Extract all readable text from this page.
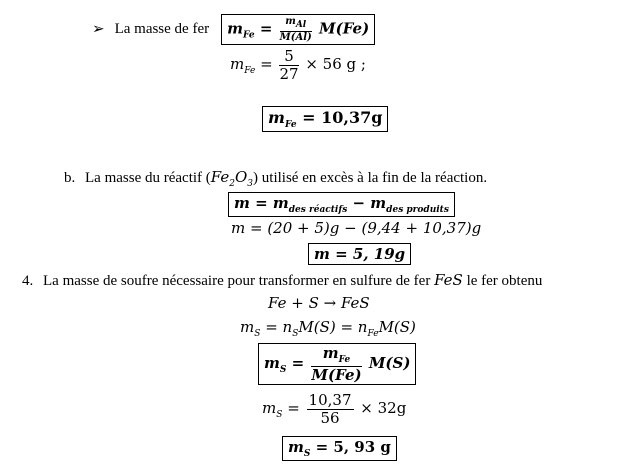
➢ La masse de fer $m_{Fe} = \frac{m_{Al}}{M(Al)} M(Fe)$
$m_{Fe} = \frac{5}{27} \times 56$ g ;
$m_{Fe} = 10,37g$
b. La masse du réactif $(Fe_2O_3)$ utilisé en excès à la fin de la réaction.
$m = m_{des réactifs} - m_{des produits}$
m = (20 + 5)g − (9,44 + 10,37)g
m = 5, 19g
4. La masse de soufre nécessaire pour transformer en sulfure de fer FeS le fer obtenu
Fe + S → FeS
$m_S = n_SM(S) = n_{Fe}M(S)$
$m_S = \frac{m_{Fe}}{M(Fe)} M(S)$
$m_S = \frac{10,37}{56} \times 32g$
$m_S = 5$, 93 g
